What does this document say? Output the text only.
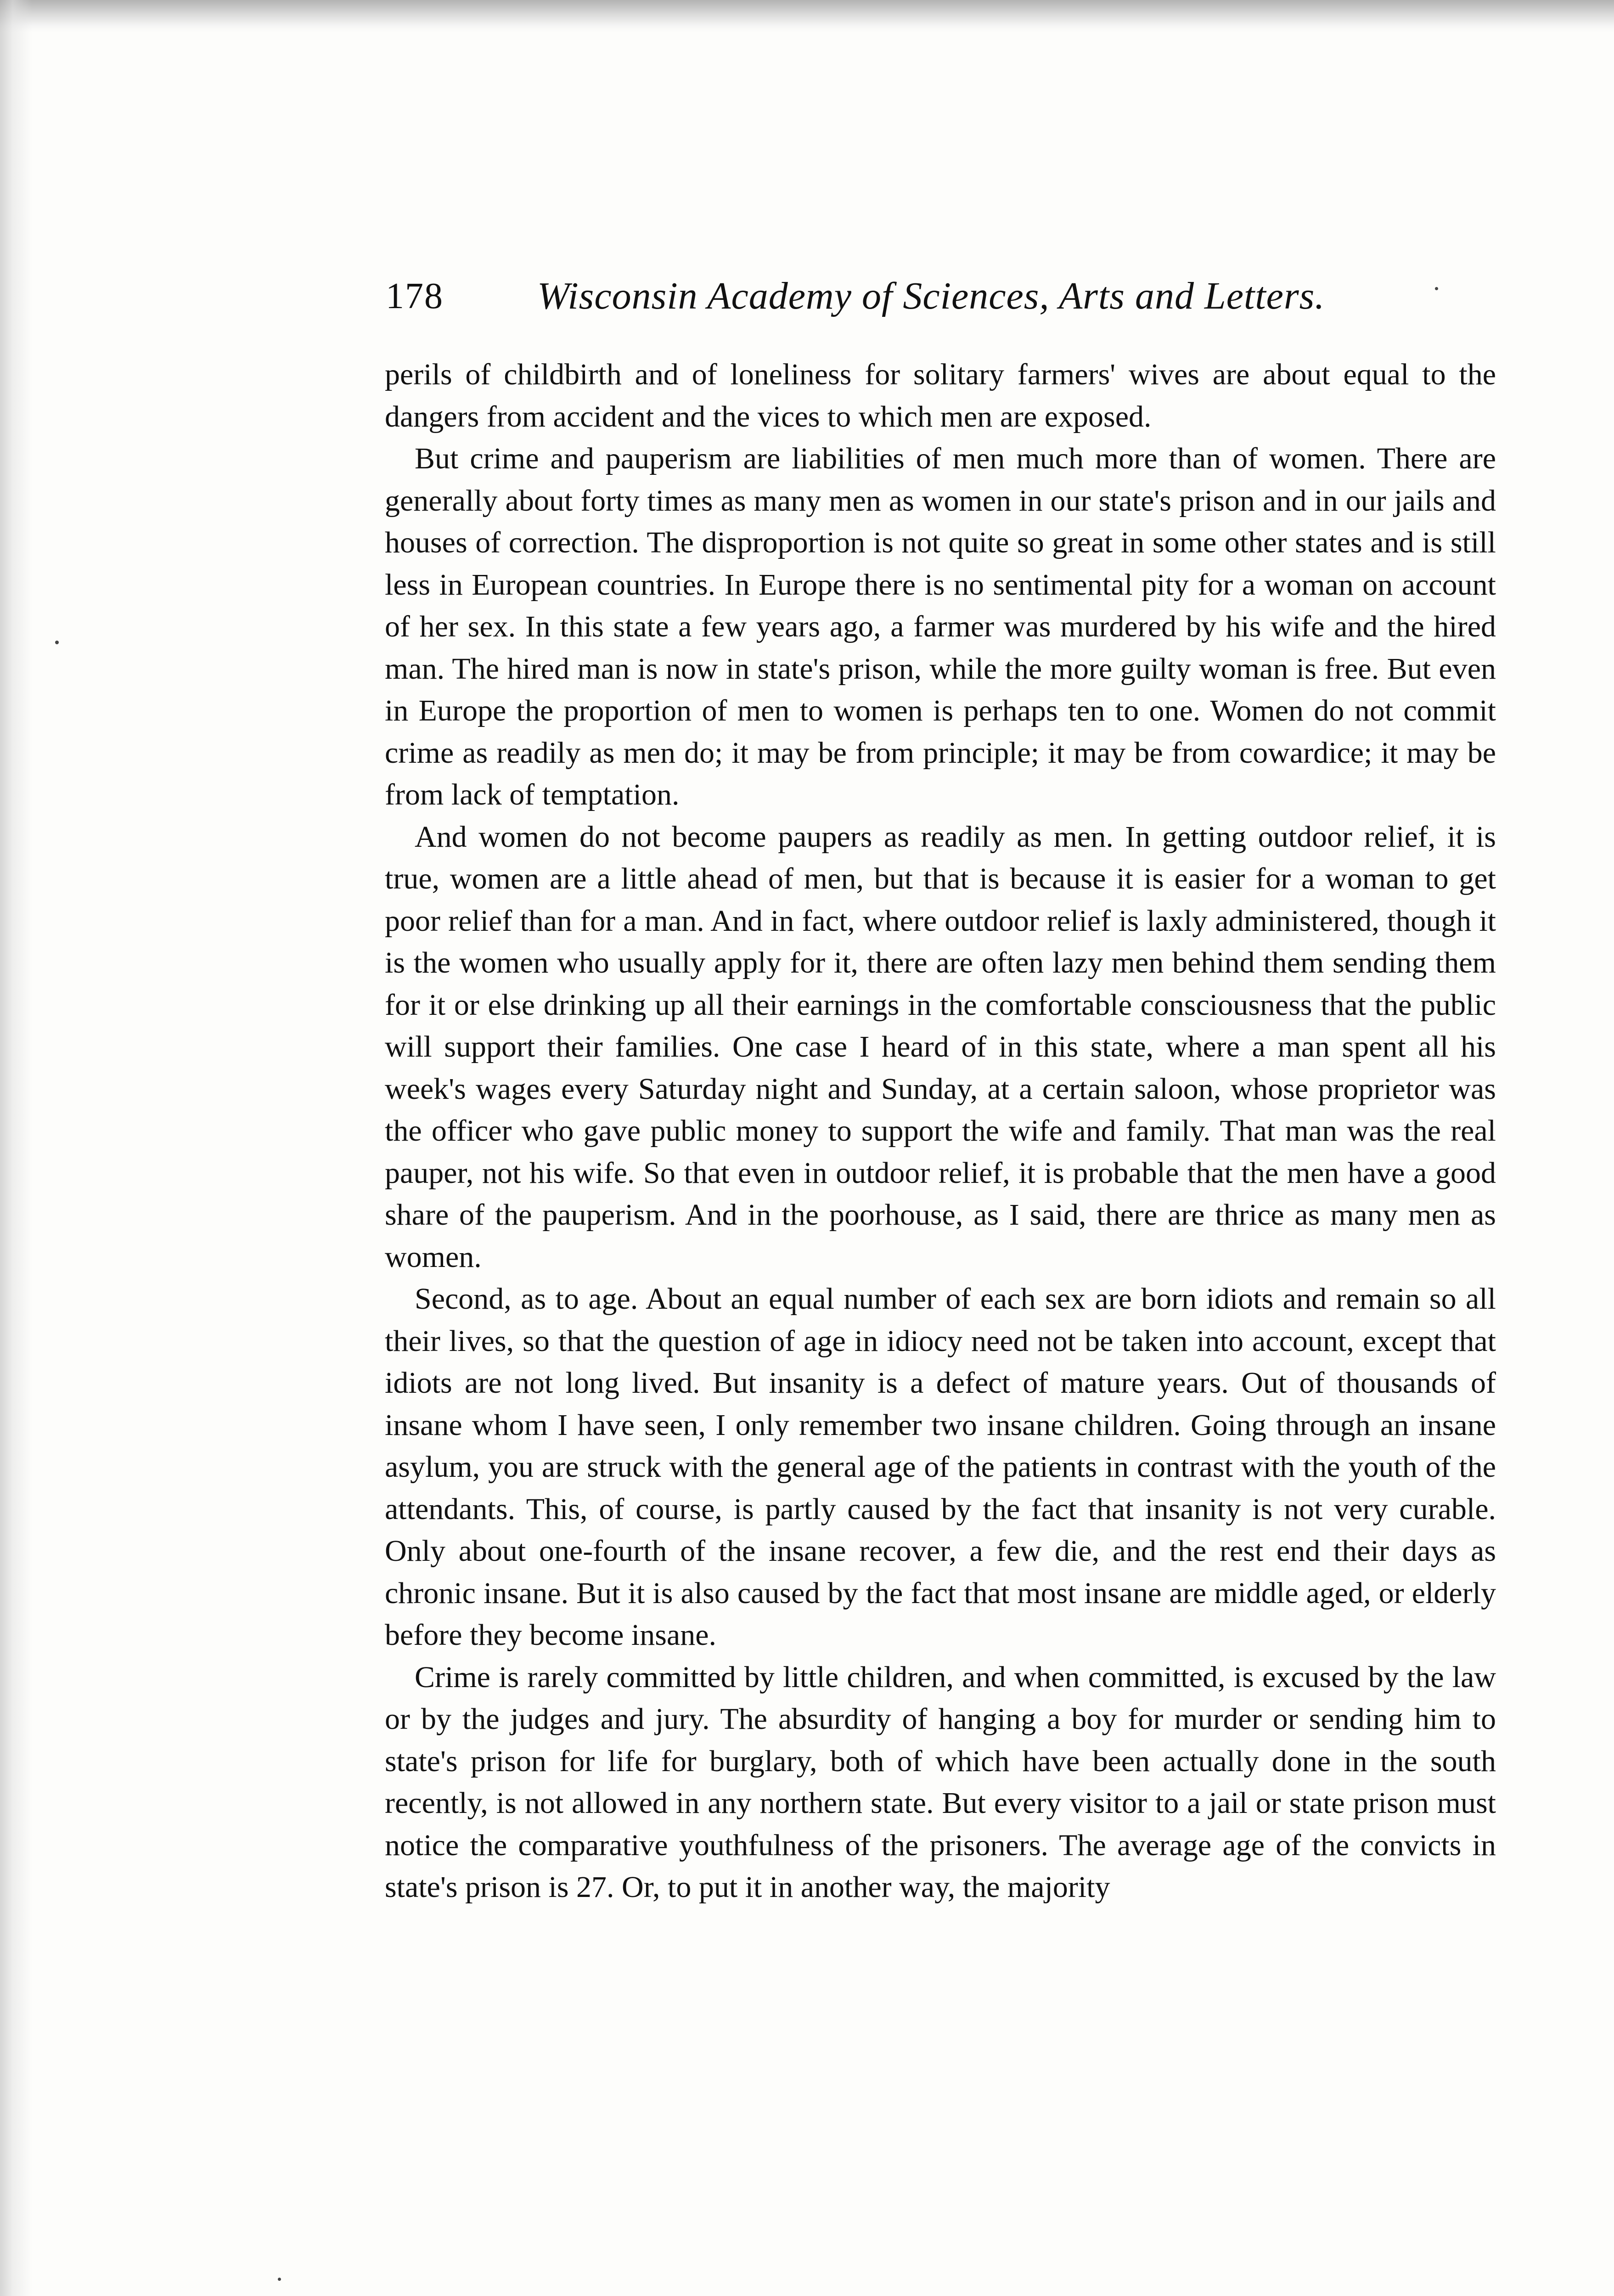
178 Wisconsin Academy of Sciences, Arts and Letters.

perils of childbirth and of loneliness for solitary farmers' wives are about equal to the dangers from accident and the vices to which men are exposed.

But crime and pauperism are liabilities of men much more than of women. There are generally about forty times as many men as women in our state's prison and in our jails and houses of correction. The disproportion is not quite so great in some other states and is still less in European countries. In Europe there is no sentimental pity for a woman on account of her sex. In this state a few years ago, a farmer was murdered by his wife and the hired man. The hired man is now in state's prison, while the more guilty woman is free. But even in Europe the proportion of men to women is perhaps ten to one. Women do not commit crime as readily as men do; it may be from principle; it may be from cowardice; it may be from lack of temptation.

And women do not become paupers as readily as men. In getting outdoor relief, it is true, women are a little ahead of men, but that is because it is easier for a woman to get poor relief than for a man. And in fact, where outdoor relief is laxly administered, though it is the women who usually apply for it, there are often lazy men behind them sending them for it or else drinking up all their earnings in the comfortable consciousness that the public will support their families. One case I heard of in this state, where a man spent all his week's wages every Saturday night and Sunday, at a certain saloon, whose proprietor was the officer who gave public money to support the wife and family. That man was the real pauper, not his wife. So that even in outdoor relief, it is probable that the men have a good share of the pauperism. And in the poorhouse, as I said, there are thrice as many men as women.

Second, as to age. About an equal number of each sex are born idiots and remain so all their lives, so that the question of age in idiocy need not be taken into account, except that idiots are not long lived. But insanity is a defect of mature years. Out of thousands of insane whom I have seen, I only remember two insane children. Going through an insane asylum, you are struck with the general age of the patients in contrast with the youth of the attendants. This, of course, is partly caused by the fact that insanity is not very curable. Only about one-fourth of the insane recover, a few die, and the rest end their days as chronic insane. But it is also caused by the fact that most insane are middle aged, or elderly before they become insane.

Crime is rarely committed by little children, and when committed, is excused by the law or by the judges and jury. The absurdity of hanging a boy for murder or sending him to state's prison for life for burglary, both of which have been actually done in the south recently, is not allowed in any northern state. But every visitor to a jail or state prison must notice the comparative youthfulness of the prisoners. The average age of the convicts in state's prison is 27. Or, to put it in another way, the majority
